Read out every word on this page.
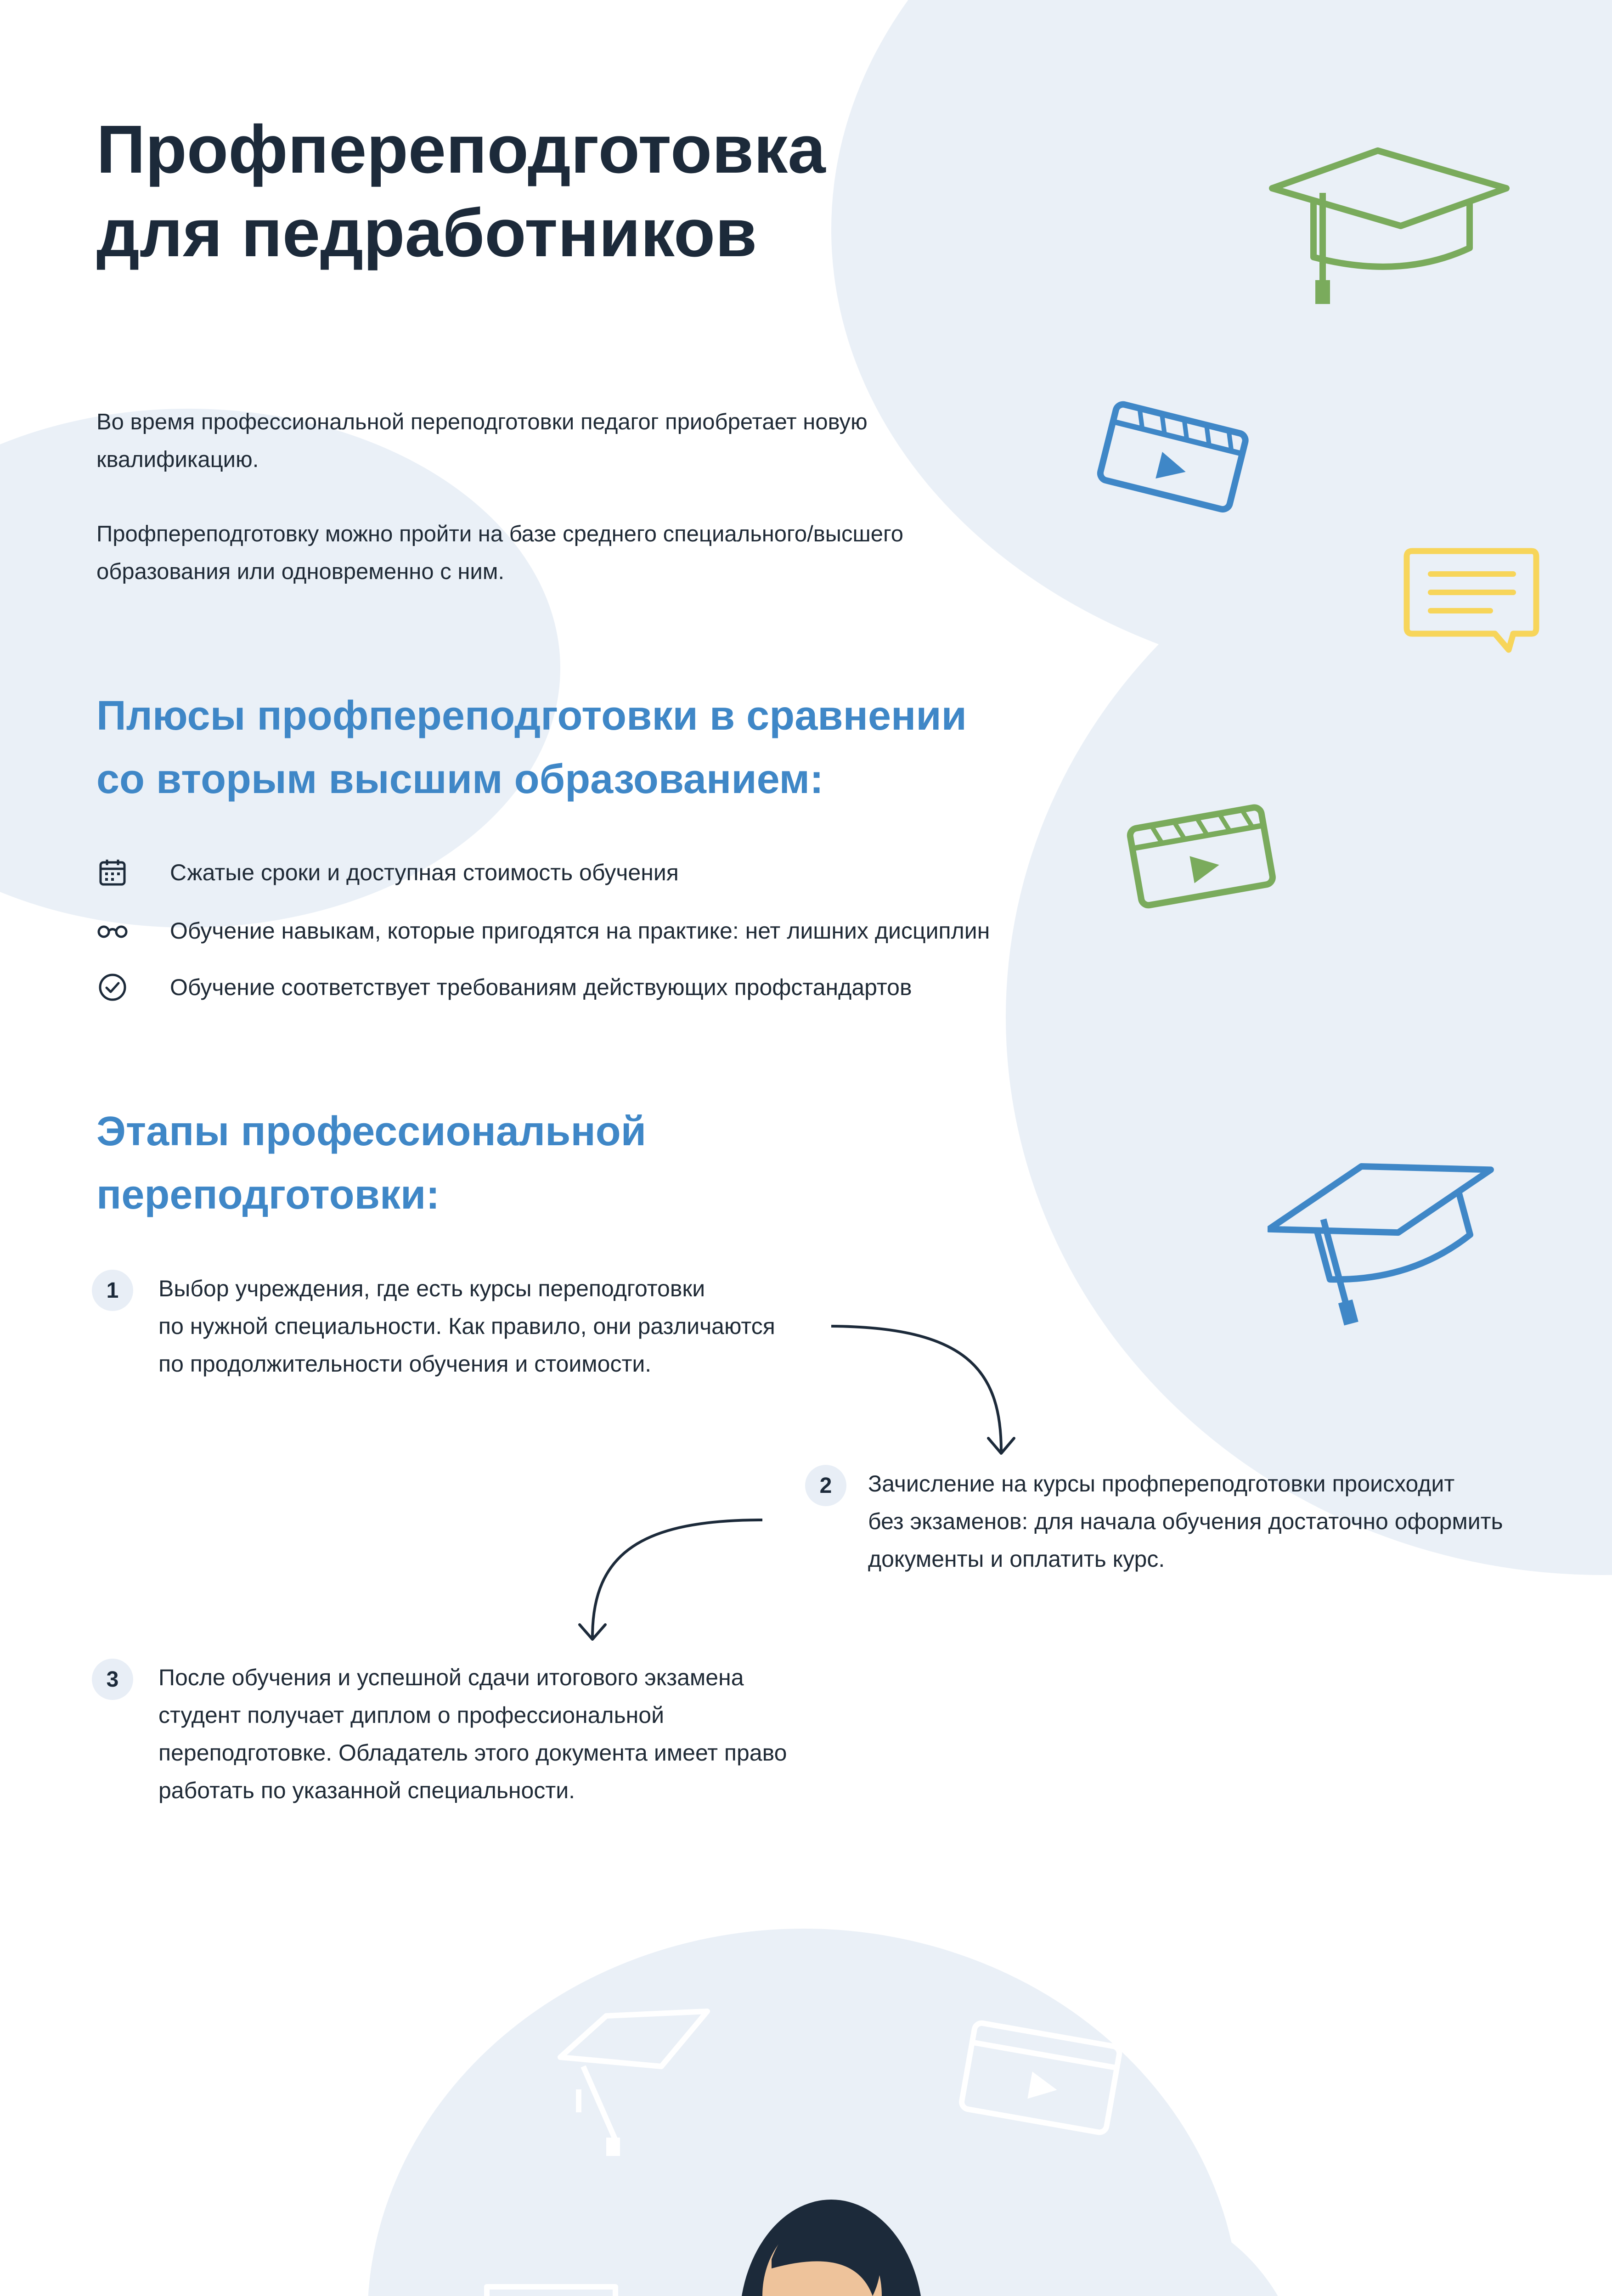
Профпереподготовка
для педработников

Во время профессиональной переподготовки педагог приобретает новую квалификацию.

Профпереподготовку можно пройти на базе среднего специального/высшего образования или одновременно с ним.

Плюсы профпереподготовки в сравнении
со вторым высшим образованием:
Сжатые сроки и доступная стоимость обучения
Обучение навыкам, которые пригодятся на практике: нет лишних дисциплин
Обучение соответствует требованиям действующих профстандартов
Этапы профессиональной
переподготовки:
1	Выбор учреждения, где есть курсы переподготовки
по нужной специальности. Как правило, они различаются
по продолжительности обучения и стоимости.

2	Зачисление на курсы профпереподготовки происходит
без экзаменов: для начала обучения достаточно оформить
документы и оплатить курс.

3	После обучения и успешной сдачи итогового экзамена
студент получает диплом о профессиональной
переподготовке. Обладатель этого документа имеет право
работать по указанной специальности.
